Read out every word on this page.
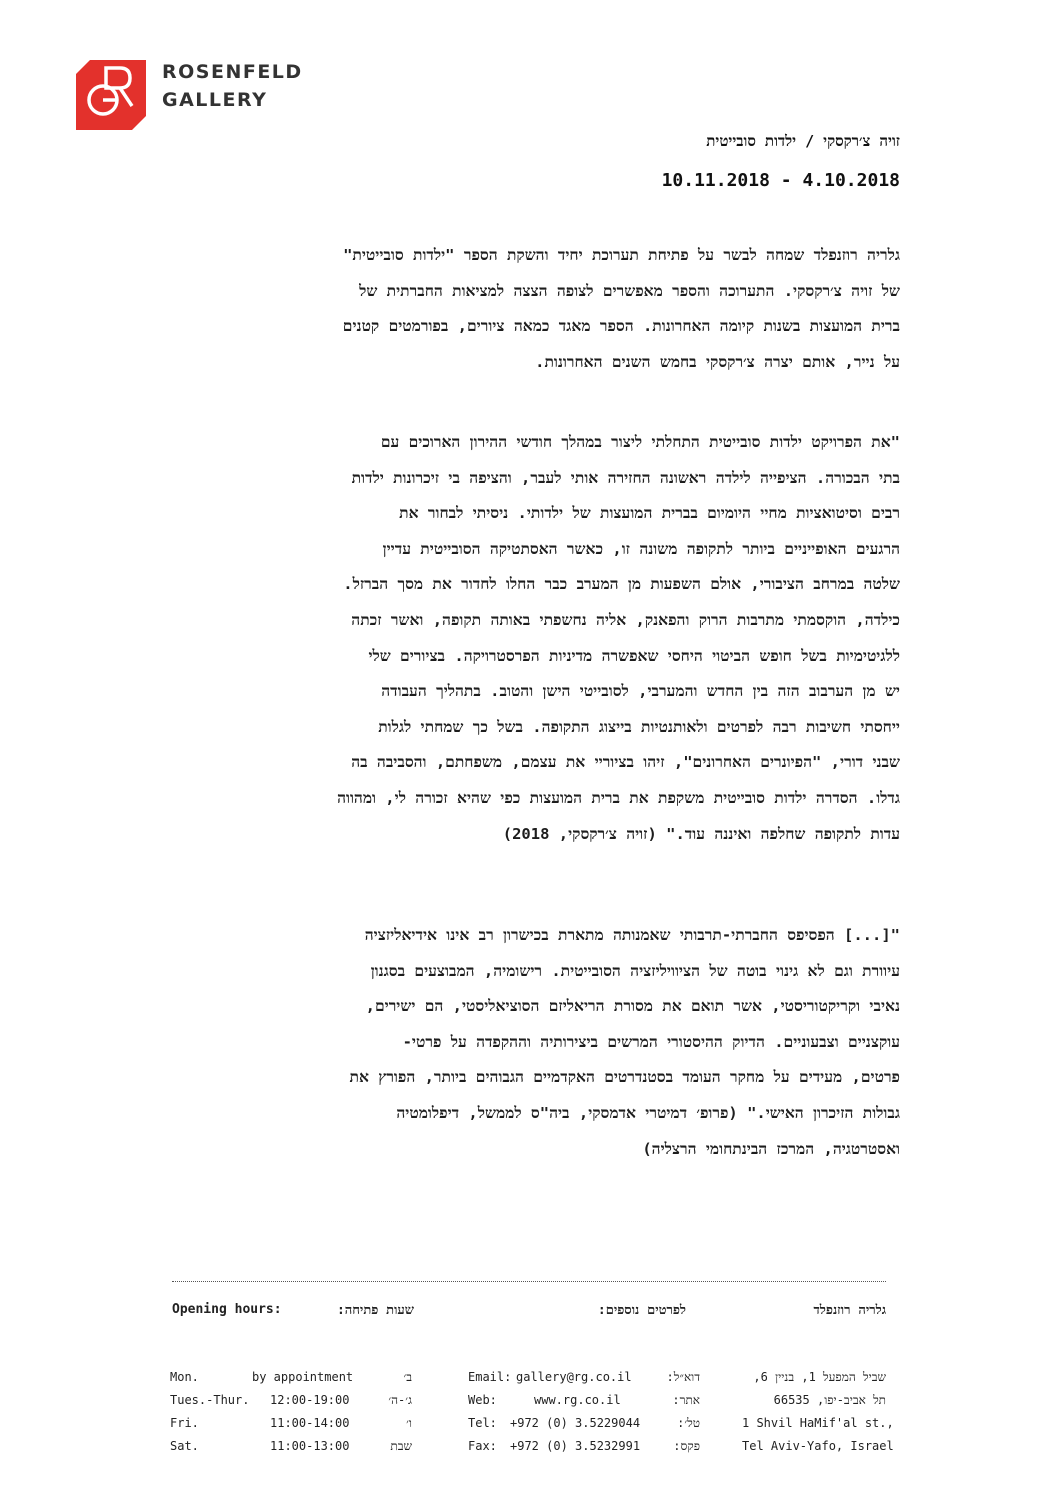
ROSENFELD
GALLERY
זויה צ׳רקסקי / ילדות סובייטית
10.11.2018 - 4.10.2018
גלריה רוזנפלד שמחה לבשר על פתיחת תערוכת יחיד והשקת הספר "ילדות סובייטית"
של זויה צ׳רקסקי. התערוכה והספר מאפשרים לצופה הצצה למציאות החברתית של
ברית המועצות בשנות קיומה האחרונות. הספר מאגד כמאה ציורים, בפורמטים קטנים
על נייר, אותם יצרה צ׳רקסקי בחמש השנים האחרונות.
"את הפרויקט ילדות סובייטית התחלתי ליצור במהלך חודשי ההירון הארוכים עם
בתי הבכורה. הציפייה לילדה ראשונה החזירה אותי לעבר, והציפה בי זיכרונות ילדות
רבים וסיטואציות מחיי היומיום בברית המועצות של ילדותי. ניסיתי לבחור את
הרגעים האופייניים ביותר לתקופה משונה זו, כאשר האסתטיקה הסובייטית עדיין
שלטה במרחב הציבורי, אולם השפעות מן המערב כבר החלו לחדור את מסך הברזל.
כילדה, הוקסמתי מתרבות הרוק והפאנק, אליה נחשפתי באותה תקופה, ואשר זכתה
ללגיטימיות בשל חופש הביטוי היחסי שאפשרה מדיניות הפרסטרויקה. בציורים שלי
יש מן הערבוב הזה בין החדש והמערבי, לסובייטי הישן והטוב. בתהליך העבודה
ייחסתי חשיבות רבה לפרטים ולאותנטיות בייצוג התקופה. בשל כך שמחתי לגלות
שבני דורי, "הפיונרים האחרונים", זיהו בציוריי את עצמם, משפחתם, והסביבה בה
גדלו. הסדרה ילדות סובייטית משקפת את ברית המועצות כפי שהיא זכורה לי, ומהווה
עדות לתקופה שחלפה ואיננה עוד." (זויה צ׳רקסקי, 2018)
"[...] הפסיפס החברתי-תרבותי שאמנותה מתארת בכישרון רב אינו אידיאליזציה
עיוורת וגם לא גינוי בוטה של הציוויליזציה הסובייטית. רישומיה, המבוצעים בסגנון
נאיבי וקריקטוריסטי, אשר תואם את מסורת הריאליזם הסוציאליסטי, הם ישירים,
עוקצניים וצבעוניים. הדיוק ההיסטורי המרשים ביצירותיה וההקפדה על פרטי-
פרטים, מעידים על מחקר העומד בסטנדרטים האקדמיים הגבוהים ביותר, הפורץ את
גבולות הזיכרון האישי." (פרופ׳ דמיטרי אדמסקי, ביה"ס לממשל, דיפלומטיה
ואסטרטגיה, המרכז הבינתחומי הרצליה)
Opening hours:	שעות פתיחה:	לפרטים נוספים:	גלריה רוזנפלד
Mon.	by appointment	ב׳
Tues.-Thur. 12:00-19:00	ג׳-ה׳
Fri.	11:00-14:00	ו׳
Sat.	11:00-13:00	שבת
Email: gallery@rg.co.il	דוא״ל:
Web:	www.rg.co.il	אתר:
Tel: +972 (0) 3.5229044	טל׳:
Fax: +972 (0) 3.5232991	פקס:
שביל המפעל 1, בניין 6,
תל אביב-יפו, 66535
1 Shvil HaMif'al st.,
Tel Aviv-Yafo, Israel
